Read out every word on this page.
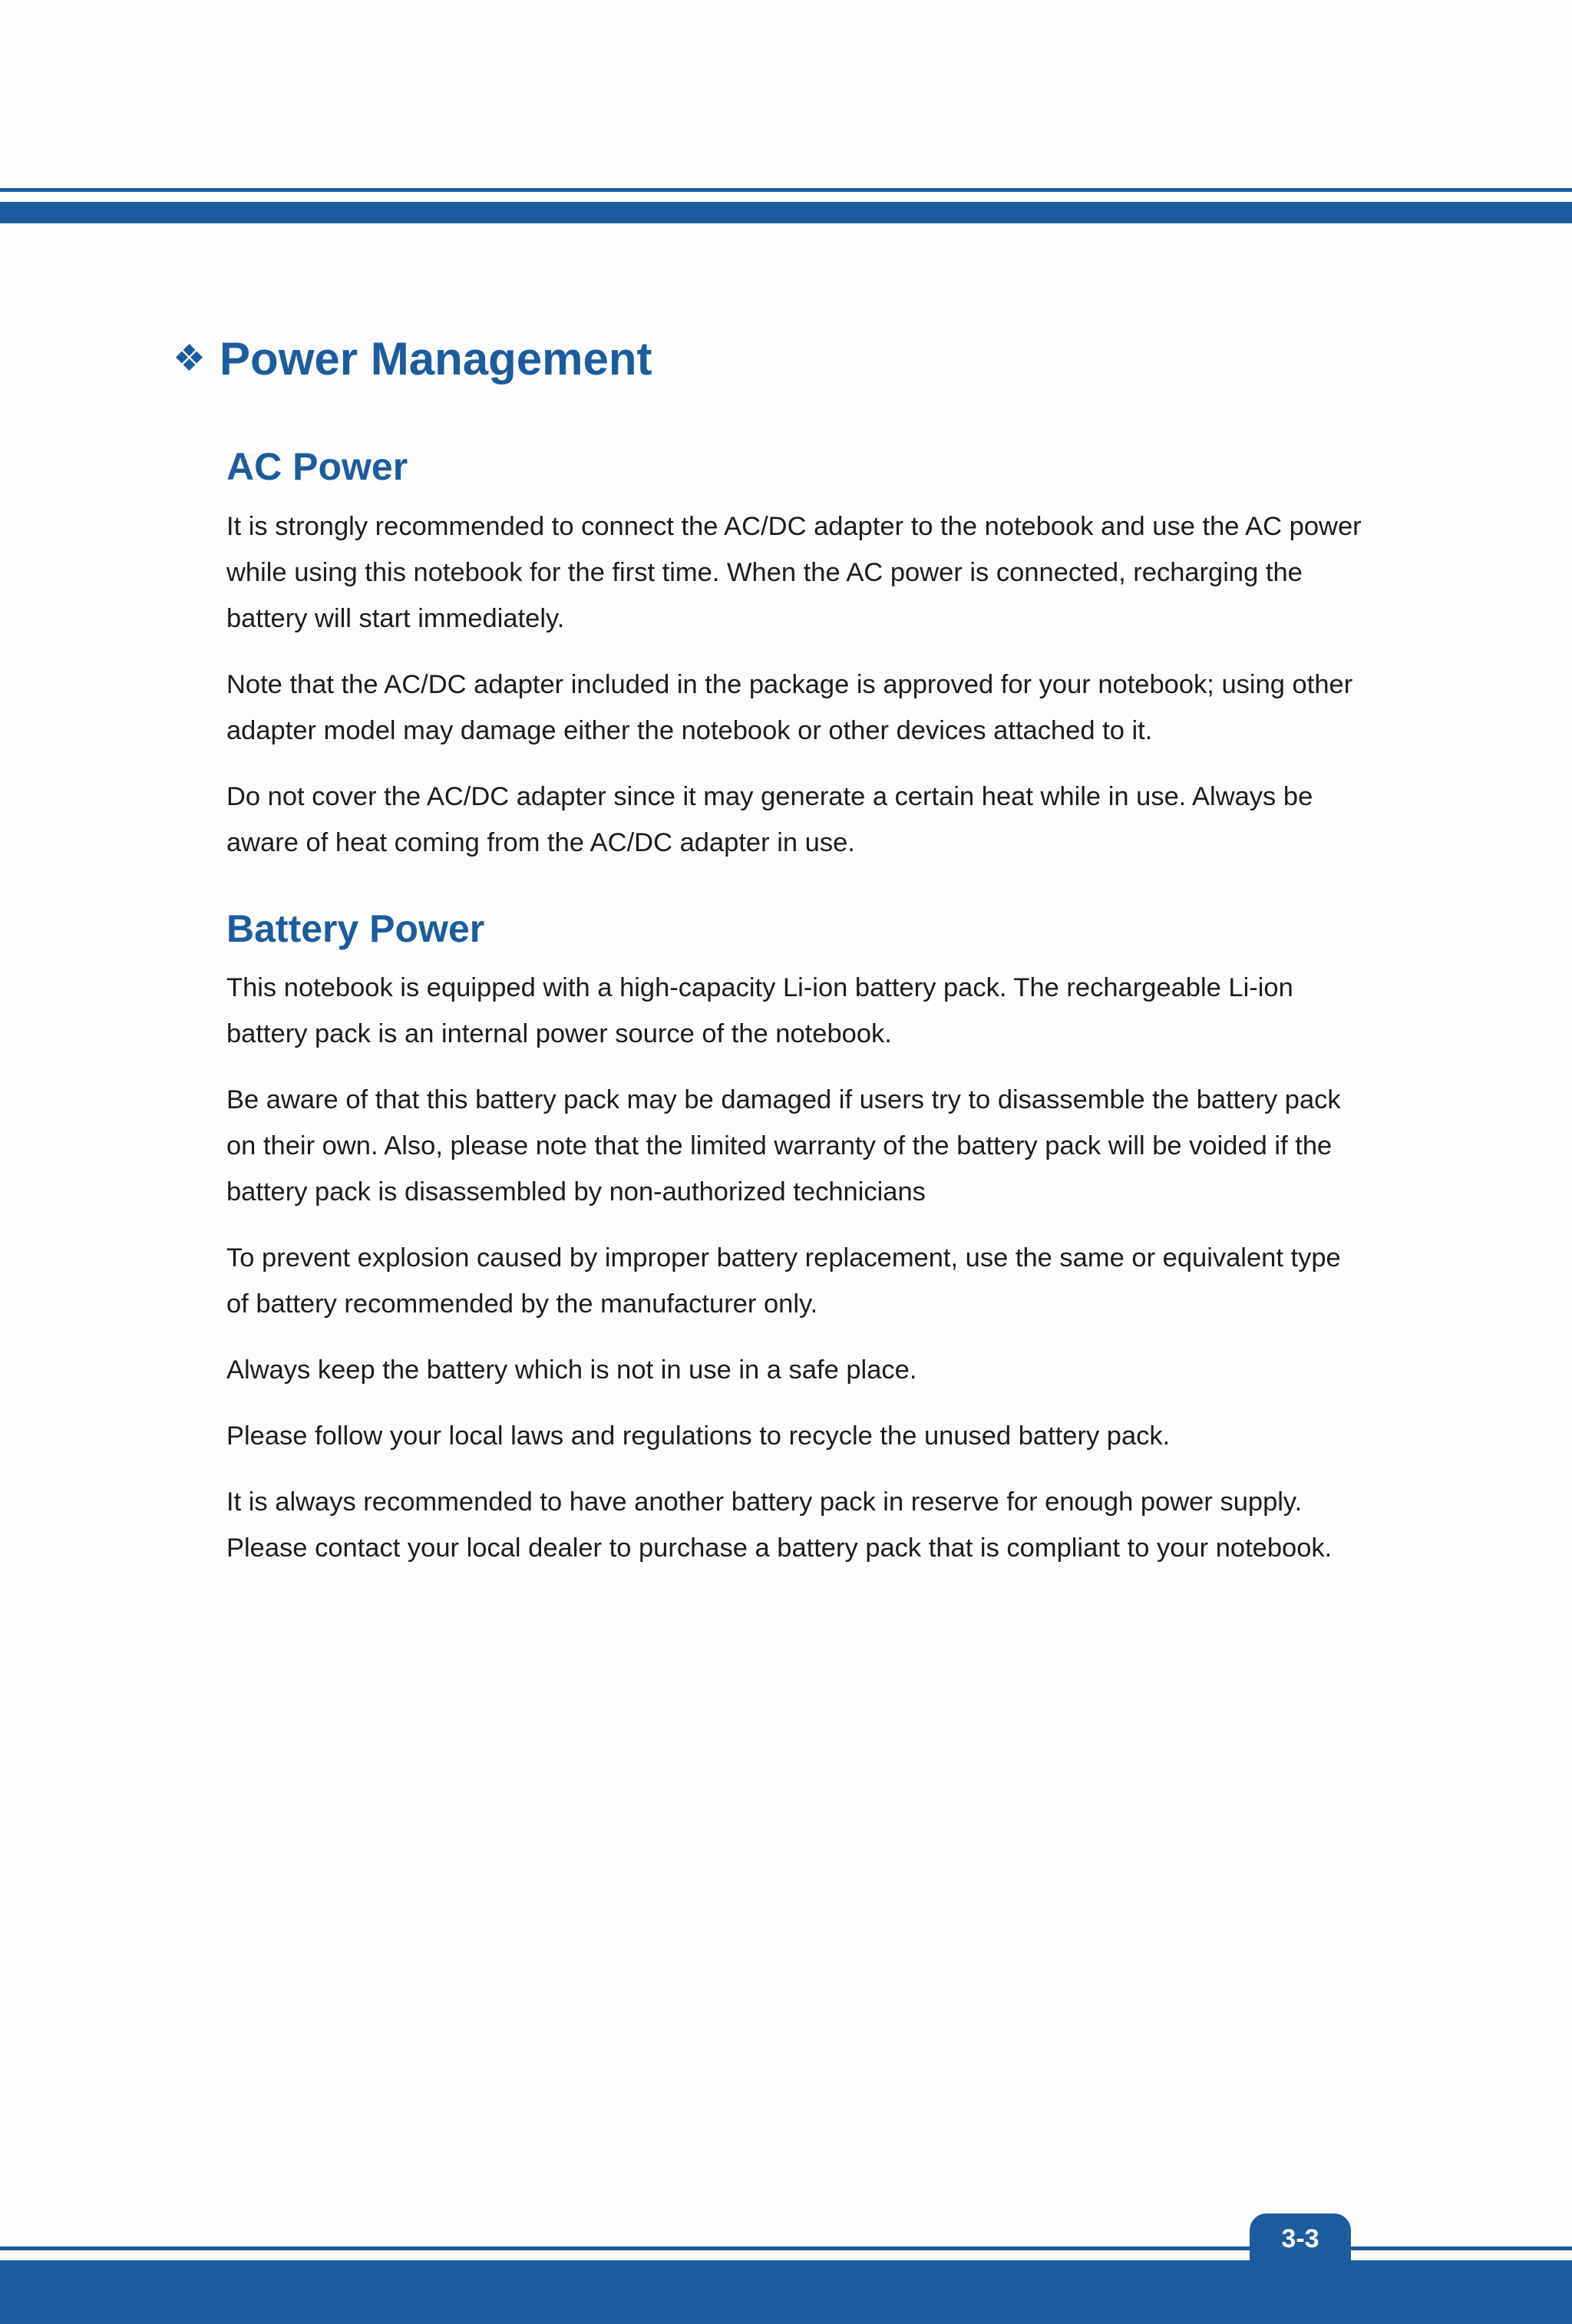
❖ Power Management
AC Power

It is strongly recommended to connect the AC/DC adapter to the notebook and use the AC power while using this notebook for the first time. When the AC power is connected, recharging the battery will start immediately.

Note that the AC/DC adapter included in the package is approved for your notebook; using other adapter model may damage either the notebook or other devices attached to it.

Do not cover the AC/DC adapter since it may generate a certain heat while in use. Always be aware of heat coming from the AC/DC adapter in use.

Battery Power

This notebook is equipped with a high-capacity Li-ion battery pack. The rechargeable Li-ion battery pack is an internal power source of the notebook.

Be aware of that this battery pack may be damaged if users try to disassemble the battery pack on their own. Also, please note that the limited warranty of the battery pack will be voided if the battery pack is disassembled by non-authorized technicians

To prevent explosion caused by improper battery replacement, use the same or equivalent type of battery recommended by the manufacturer only.

Always keep the battery which is not in use in a safe place.

Please follow your local laws and regulations to recycle the unused battery pack.

It is always recommended to have another battery pack in reserve for enough power supply. Please contact your local dealer to purchase a battery pack that is compliant to your notebook.

3-3
